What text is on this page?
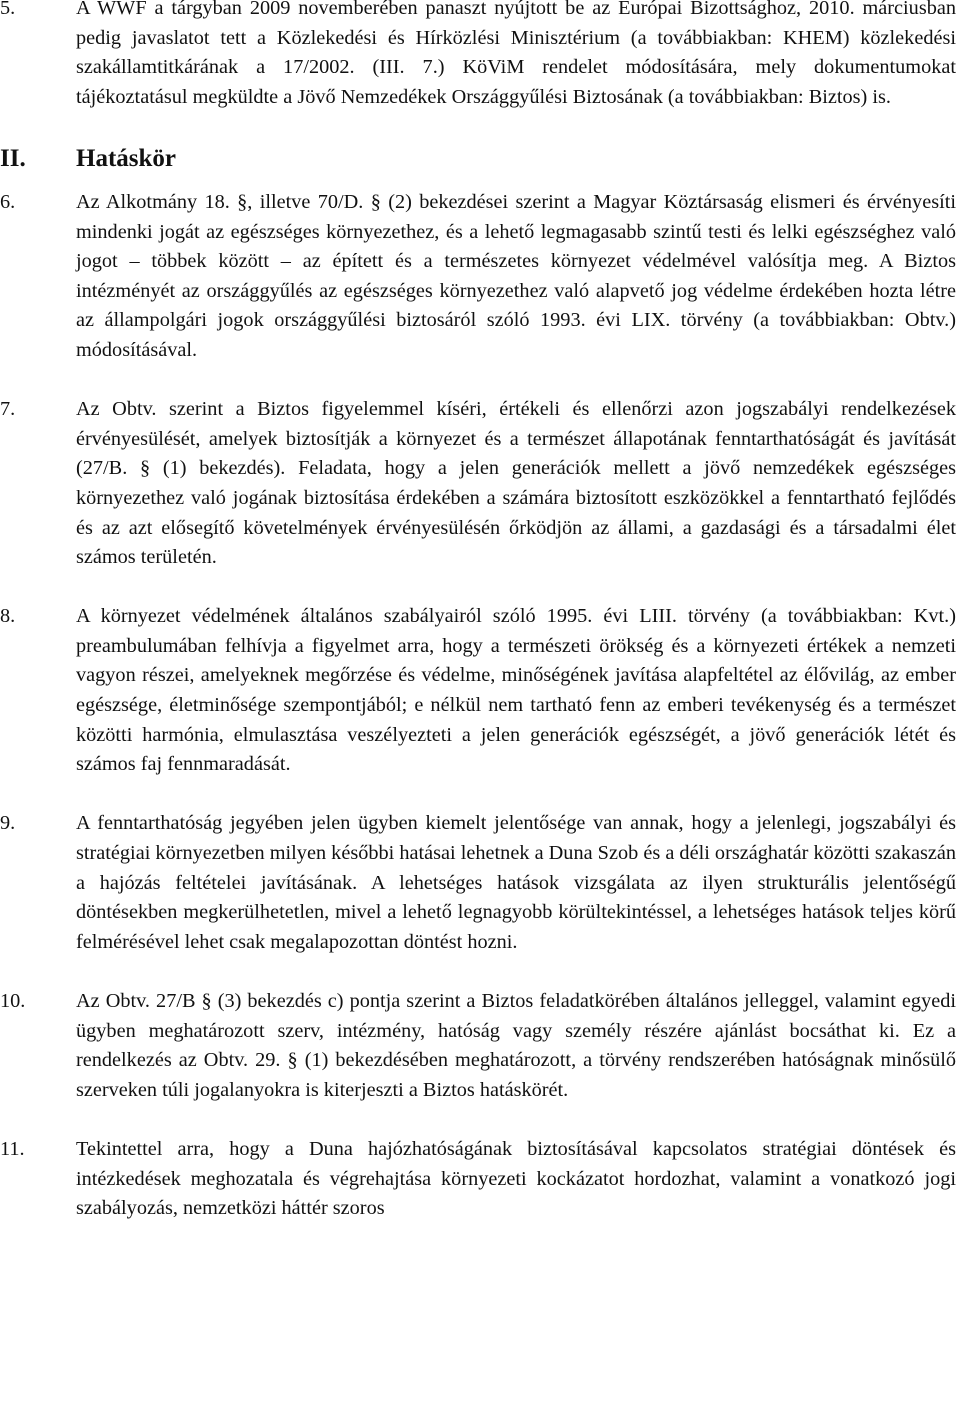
5.	A WWF a tárgyban 2009 novemberében panaszt nyújtott be az Európai Bizottsághoz, 2010. márciusban pedig javaslatot tett a Közlekedési és Hírközlési Minisztérium (a továbbiakban: KHEM) közlekedési szakállamtitkárának a 17/2002. (III. 7.) KöViM rendelet módosítására, mely dokumentumokat tájékoztatásul megküldte a Jövő Nemzedékek Országgyűlési Biztosának (a továbbiakban: Biztos) is.

II. Hatáskör

6.	Az Alkotmány 18. §, illetve 70/D. § (2) bekezdései szerint a Magyar Köztársaság elismeri és érvényesíti mindenki jogát az egészséges környezethez, és a lehető legmagasabb szintű testi és lelki egészséghez való jogot – többek között – az épített és a természetes környezet védelmével valósítja meg. A Biztos intézményét az országgyűlés az egészséges környezethez való alapvető jog védelme érdekében hozta létre az állampolgári jogok országgyűlési biztosáról szóló 1993. évi LIX. törvény (a továbbiakban: Obtv.) módosításával.

7.	Az Obtv. szerint a Biztos figyelemmel kíséri, értékeli és ellenőrzi azon jogszabályi rendelkezések érvényesülését, amelyek biztosítják a környezet és a természet állapotának fenntarthatóságát és javítását (27/B. § (1) bekezdés). Feladata, hogy a jelen generációk mellett a jövő nemzedékek egészséges környezethez való jogának biztosítása érdekében a számára biztosított eszközökkel a fenntartható fejlődés és az azt elősegítő követelmények érvényesülésén őrködjön az állami, a gazdasági és a társadalmi élet számos területén.

8.	A környezet védelmének általános szabályairól szóló 1995. évi LIII. törvény (a továbbiakban: Kvt.) preambulumában felhívja a figyelmet arra, hogy a természeti örökség és a környezeti értékek a nemzeti vagyon részei, amelyeknek megőrzése és védelme, minőségének javítása alapfeltétel az élővilág, az ember egészsége, életminősége szempontjából; e nélkül nem tartható fenn az emberi tevékenység és a természet közötti harmónia, elmulasztása veszélyezteti a jelen generációk egészségét, a jövő generációk létét és számos faj fennmaradását.

9.	A fenntarthatóság jegyében jelen ügyben kiemelt jelentősége van annak, hogy a jelenlegi, jogszabályi és stratégiai környezetben milyen későbbi hatásai lehetnek a Duna Szob és a déli országhatár közötti szakaszán a hajózás feltételei javításának. A lehetséges hatások vizsgálata az ilyen strukturális jelentőségű döntésekben megkerülhetetlen, mivel a lehető legnagyobb körültekintéssel, a lehetséges hatások teljes körű felmérésével lehet csak megalapozottan döntést hozni.

10. Az Obtv. 27/B § (3) bekezdés c) pontja szerint a Biztos feladatkörében általános jelleggel, valamint egyedi ügyben meghatározott szerv, intézmény, hatóság vagy személy részére ajánlást bocsáthat ki. Ez a rendelkezés az Obtv. 29. § (1) bekezdésében meghatározott, a törvény rendszerében hatóságnak minősülő szerveken túli jogalanyokra is kiterjeszti a Biztos hatáskörét.

11.	Tekintettel arra, hogy a Duna hajózhatóságának biztosításával kapcsolatos stratégiai döntések és intézkedések meghozatala és végrehajtása környezeti kockázatot hordozhat, valamint a vonatkozó jogi szabályozás, nemzetközi háttér szoros
